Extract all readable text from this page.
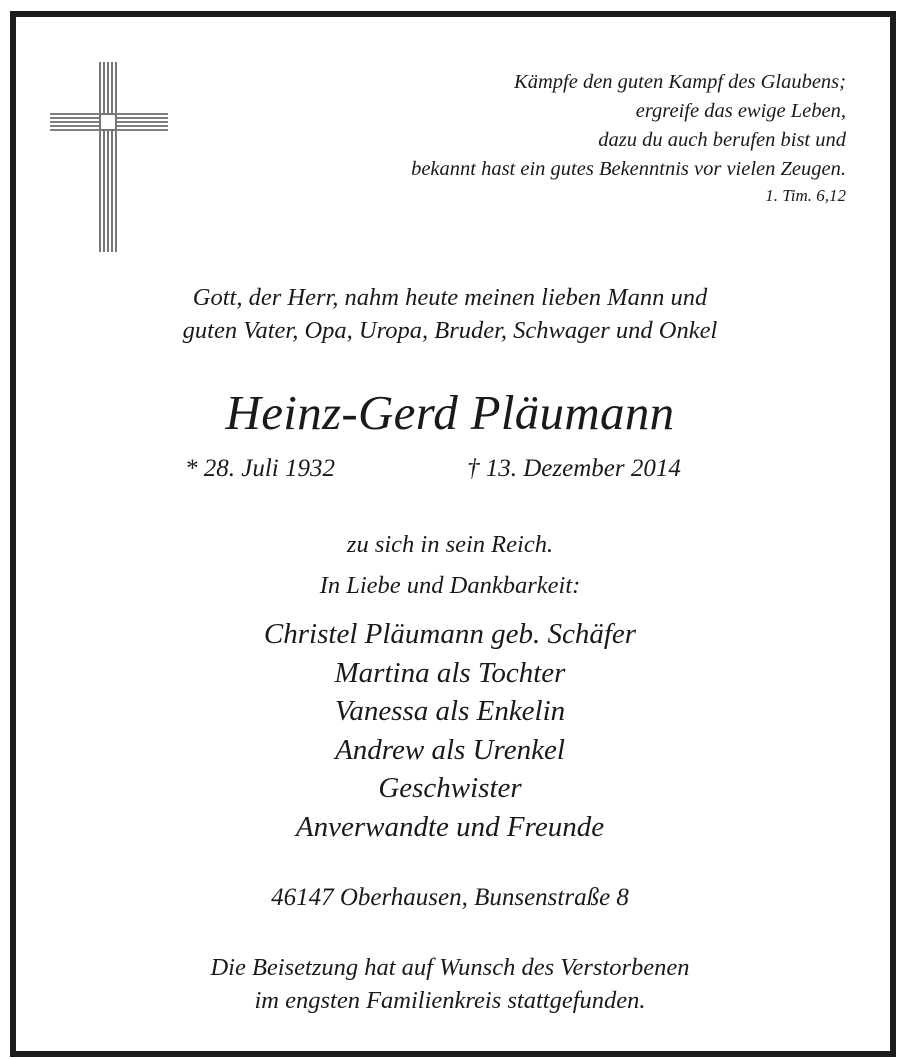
Kämpfe den guten Kampf des Glaubens;
ergreife das ewige Leben,
dazu du auch berufen bist und
bekannt hast ein gutes Bekenntnis vor vielen Zeugen.
1. Tim. 6,12
Gott, der Herr, nahm heute meinen lieben Mann und
guten Vater, Opa, Uropa, Bruder, Schwager und Onkel
Heinz-Gerd Pläumann
* 28. Juli 1932	† 13. Dezember 2014
zu sich in sein Reich.
In Liebe und Dankbarkeit:
Christel Pläumann geb. Schäfer
Martina als Tochter
Vanessa als Enkelin
Andrew als Urenkel
Geschwister
Anverwandte und Freunde
46147 Oberhausen, Bunsenstraße 8
Die Beisetzung hat auf Wunsch des Verstorbenen
im engsten Familienkreis stattgefunden.
